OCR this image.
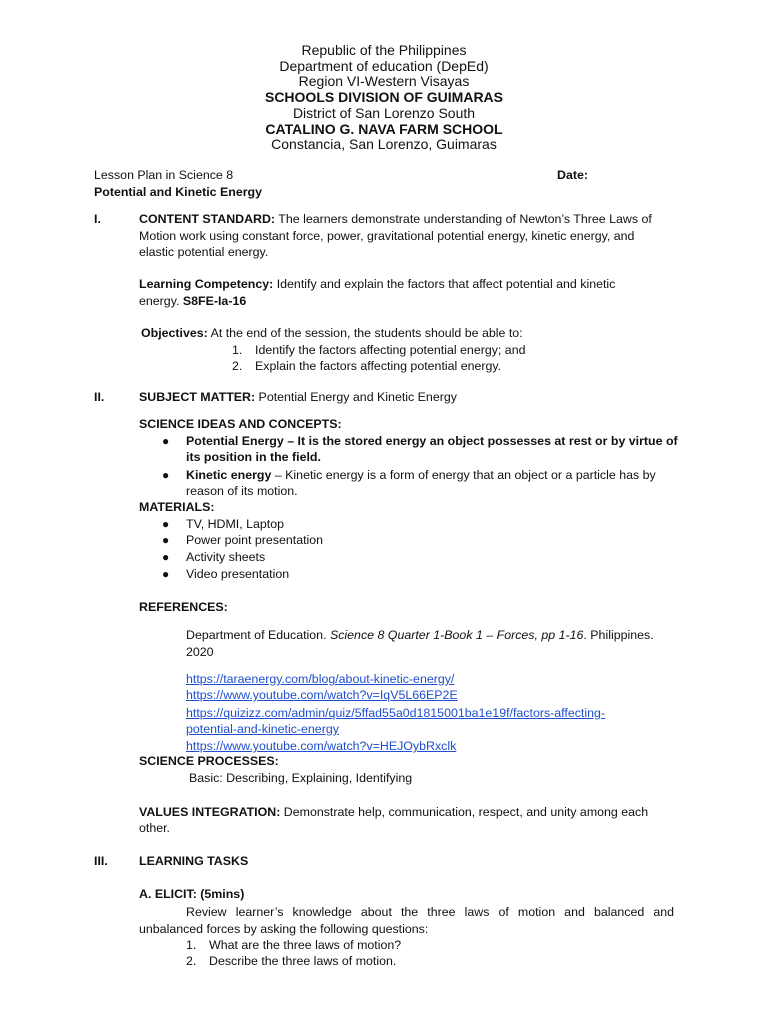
Republic of the Philippines
Department of education (DepEd)
Region VI-Western Visayas
SCHOOLS DIVISION OF GUIMARAS
District of San Lorenzo South
CATALINO G. NAVA FARM SCHOOL
Constancia, San Lorenzo, Guimaras
Lesson Plan in Science 8	Date:
Potential and Kinetic Energy
I.	CONTENT STANDARD: The learners demonstrate understanding of Newton’s Three Laws of
Motion work using constant force, power, gravitational potential energy, kinetic energy, and
elastic potential energy.
Learning Competency: Identify and explain the factors that affect potential and kinetic
energy. S8FE-Ia-16
Objectives: At the end of the session, the students should be able to:
1. Identify the factors affecting potential energy; and
2. Explain the factors affecting potential energy.
II.	SUBJECT MATTER: Potential Energy and Kinetic Energy
SCIENCE IDEAS AND CONCEPTS:
● Potential Energy – It is the stored energy an object possesses at rest or by virtue of
its position in the field.
● Kinetic energy – Kinetic energy is a form of energy that an object or a particle has by
reason of its motion.
MATERIALS:
● TV, HDMI, Laptop
● Power point presentation
● Activity sheets
● Video presentation
REFERENCES:
Department of Education. Science 8 Quarter 1-Book 1 – Forces, pp 1-16. Philippines.
2020
https://taraenergy.com/blog/about-kinetic-energy/
https://www.youtube.com/watch?v=IqV5L66EP2E
https://quizizz.com/admin/quiz/5ffad55a0d1815001ba1e19f/factors-affecting-
potential-and-kinetic-energy
https://www.youtube.com/watch?v=HEJOybRxclk
SCIENCE PROCESSES:
Basic: Describing, Explaining, Identifying
VALUES INTEGRATION: Demonstrate help, communication, respect, and unity among each
other.
III.	LEARNING TASKS
A. ELICIT: (5mins)
Review learner’s knowledge about the three laws of motion and balanced and
unbalanced forces by asking the following questions:
1. What are the three laws of motion?
2. Describe the three laws of motion.
